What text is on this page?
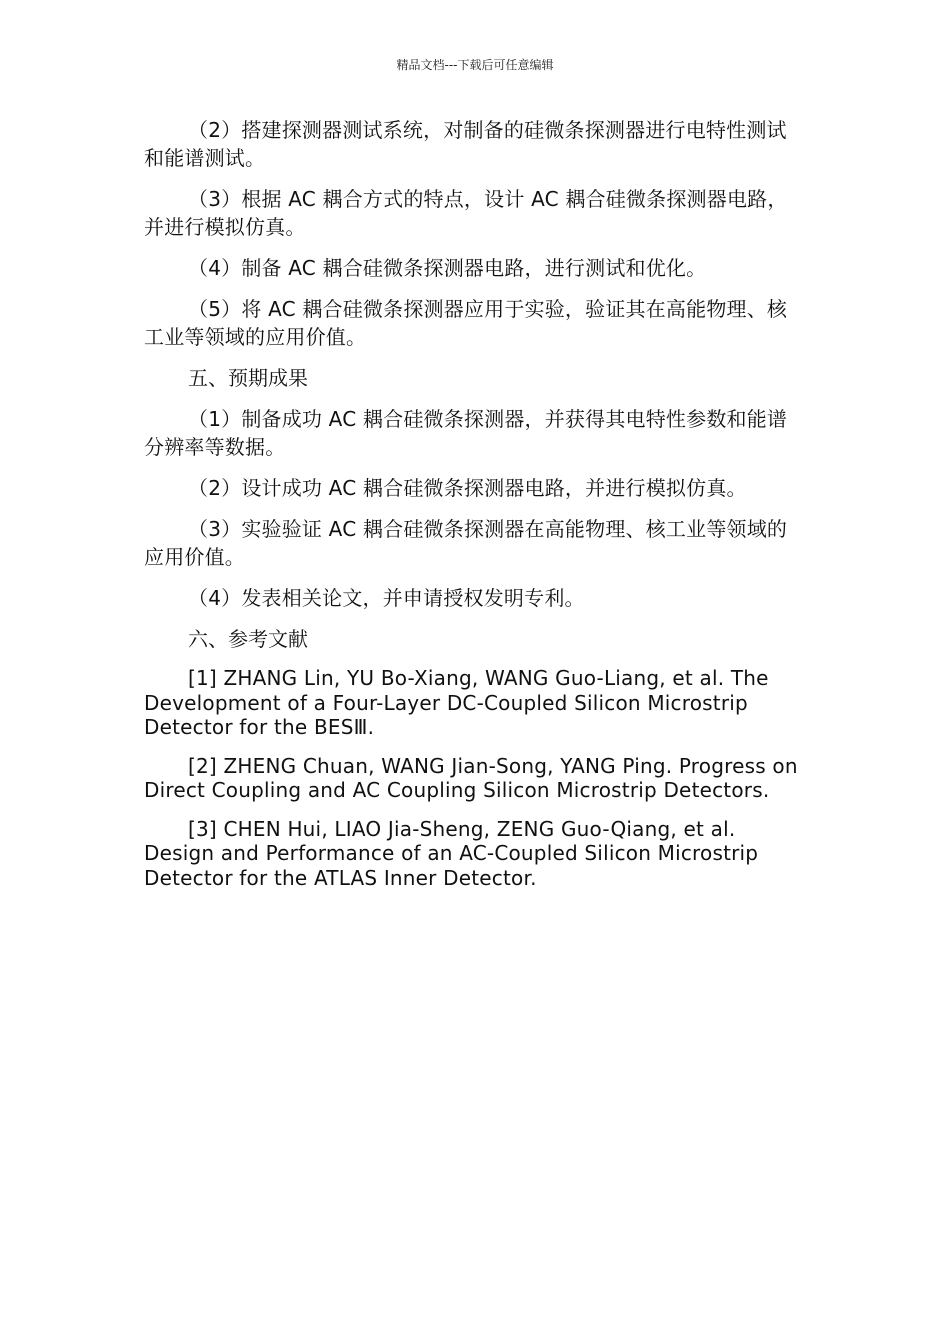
精品文档---下载后可任意编辑

（2）搭建探测器测试系统，对制备的硅微条探测器进行电特性测试和能谱测试。

（3）根据 AC 耦合方式的特点，设计 AC 耦合硅微条探测器电路，并进行模拟仿真。

（4）制备 AC 耦合硅微条探测器电路，进行测试和优化。

（5）将 AC 耦合硅微条探测器应用于实验，验证其在高能物理、核工业等领域的应用价值。

五、预期成果

（1）制备成功 AC 耦合硅微条探测器，并获得其电特性参数和能谱分辨率等数据。

（2）设计成功 AC 耦合硅微条探测器电路，并进行模拟仿真。

（3）实验验证 AC 耦合硅微条探测器在高能物理、核工业等领域的应用价值。

（4）发表相关论文，并申请授权发明专利。

六、参考文献

[1] ZHANG Lin, YU Bo-Xiang, WANG Guo-Liang, et al. The Development of a Four-Layer DC-Coupled Silicon Microstrip Detector for the BESⅢ.

[2] ZHENG Chuan, WANG Jian-Song, YANG Ping. Progress on Direct Coupling and AC Coupling Silicon Microstrip Detectors.

[3] CHEN Hui, LIAO Jia-Sheng, ZENG Guo-Qiang, et al. Design and Performance of an AC-Coupled Silicon Microstrip Detector for the ATLAS Inner Detector.
